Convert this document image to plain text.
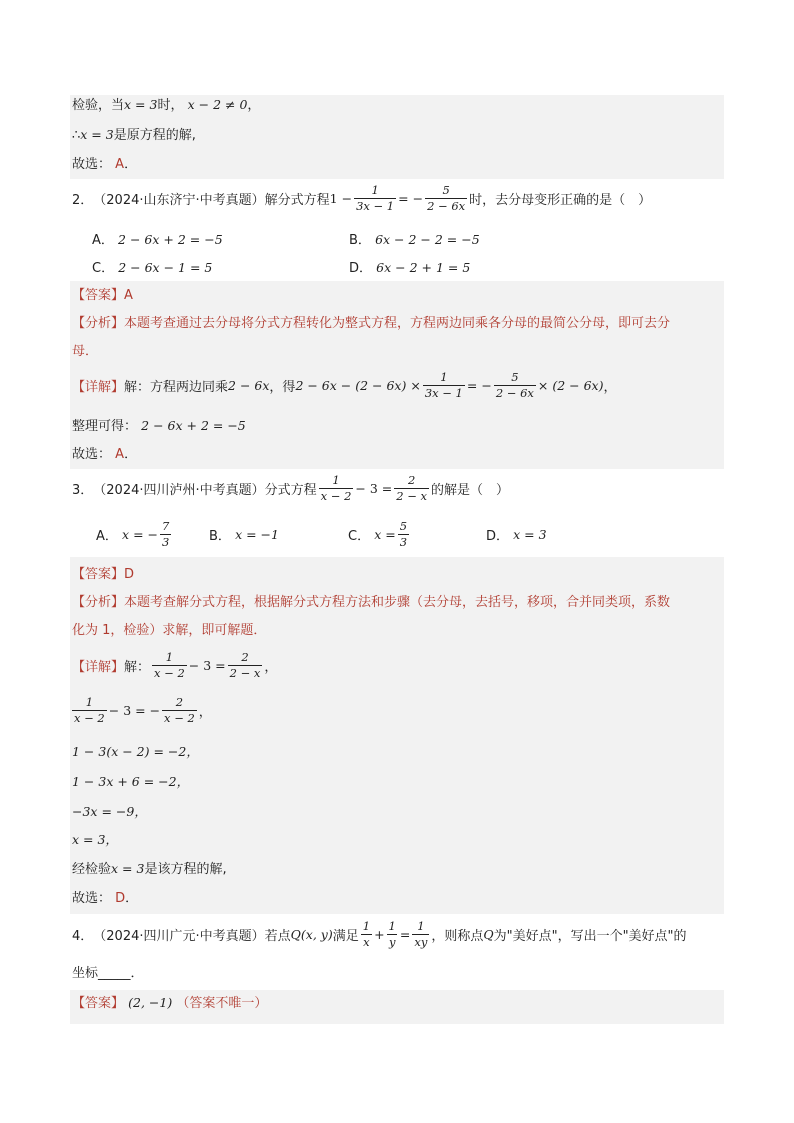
检验，当x = 3时， x − 2 ≠ 0，
∴x = 3是原方程的解,
故选： A．
2． （2024·山东济宁·中考真题） 解分式方程 $1 - \frac{1}{3x - 1}$ = − $\frac{5}{2 - 6x}$ 时，去分母变形正确的是（　）
A． 2 − 6x + 2 = −5	B． 6x − 2 − 2 = −5
C． 2 − 6x − 1 = 5	D． 6x − 2 + 1 = 5
【答案】A
【分析】本题考查通过去分母将分式方程转化为整式方程，方程两边同乘各分母的最简公分母，即可去分
母．
【详解】 解：方程两边同乘 2 − 6x ，得 $2 - 6x - (2 - 6x) \times \frac{1}{3x - 1}$ = − $\frac{5}{2 - 6x} \times (2 - 6x)$ ，
整理可得： 2 − 6x + 2 = −5
故选： A．
3． （2024·四川泸州·中考真题） 分式方程 $\frac{1}{x - 2} - 3 = \frac{2}{2 - x}$ 的解是（　）
A．
x = − $\frac{7}{3}$	B．
x = −1	C．
$x = \frac{5}{3}$	D．
x = 3
【答案】D
【分析】本题考查解分式方程，根据解分式方程方法和步骤（去分母，去括号，移项，合并同类项，系数
化为 1，检验）求解，即可解题．
【详解】 解： $\frac{1}{x - 2} - 3 = \frac{2}{2 - x}$ ，
$\frac{1}{x - 2} - 3$ = − $\frac{2}{x - 2}$ ，
1 − 3(x − 2) = −2，
1 − 3x + 6 = −2，
−3x = −9，
x = 3，
经检验x = 3是该方程的解,
故选： D．
4． （2024·四川广元·中考真题） 若点 Q(x, y) 满足 $\frac{1}{x} + \frac{1}{y} = \frac{1}{xy}$ ，则称点 Q 为"美好点"，写出一个"美好点"的
坐标_____．
【答案】 (2, −1) （答案不唯一）
